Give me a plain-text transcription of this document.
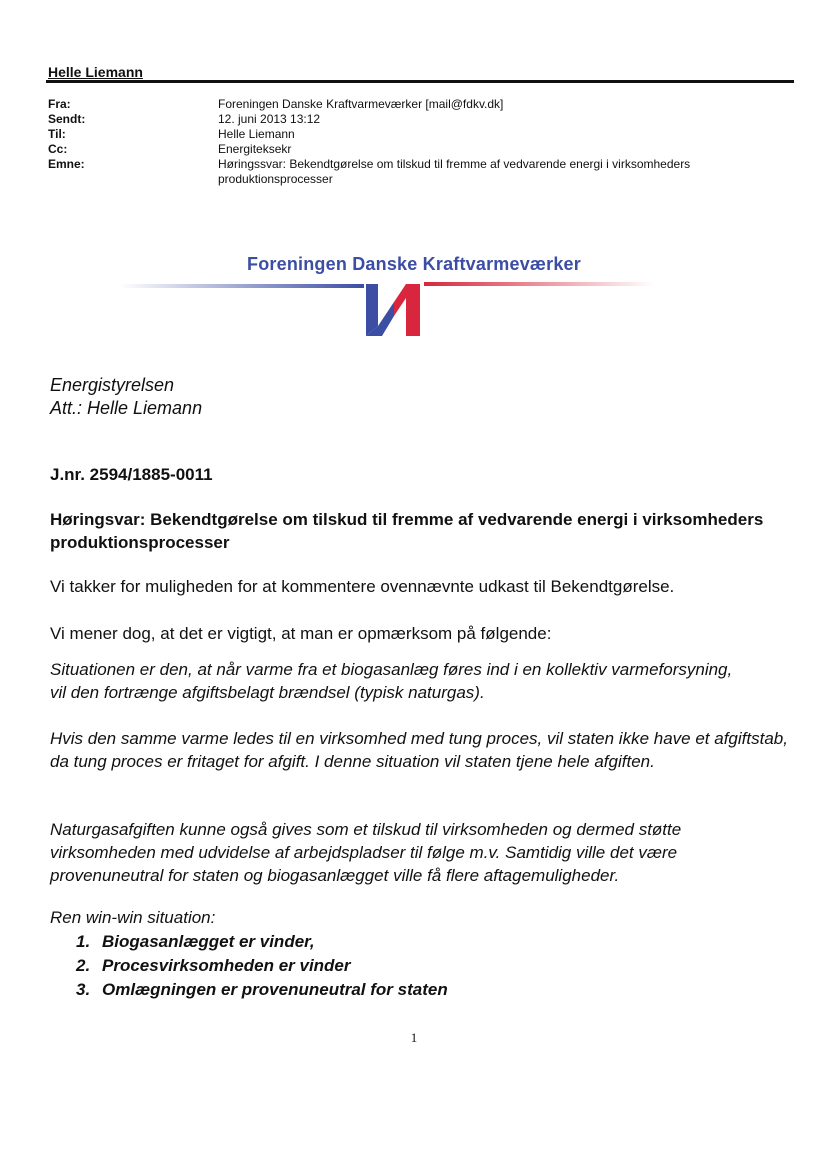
Helle Liemann
Fra:	Foreningen Danske Kraftvarmeværker [mail@fdkv.dk]
Sendt:	12. juni 2013 13:12
Til:	Helle Liemann
Cc:	Energiteksekr
Emne:	Høringssvar: Bekendtgørelse om tilskud til fremme af vedvarende energi i virksomheders produktionsprocesser
Foreningen Danske Kraftvarmeværker
Energistyrelsen
Att.: Helle Liemann
J.nr. 2594/1885-0011
Høringsvar: Bekendtgørelse om tilskud til fremme af vedvarende energi i virksomheders produktionsprocesser
Vi takker for muligheden for at kommentere ovennævnte udkast til Bekendtgørelse.
Vi mener dog, at det er vigtigt, at man er opmærksom på følgende:
Situationen er den, at når varme fra et biogasanlæg føres ind i en kollektiv varmeforsyning, vil den fortrænge afgiftsbelagt brændsel (typisk naturgas).
Hvis den samme varme ledes til en virksomhed med tung proces, vil staten ikke have et afgiftstab, da tung proces er fritaget for afgift. I denne situation vil staten tjene hele afgiften.
Naturgasafgiften kunne også gives som et tilskud til virksomheden og dermed støtte virksomheden med udvidelse af arbejdspladser til følge m.v. Samtidig ville det være provenuneutral for staten og biogasanlægget ville få flere aftagemuligheder.
Ren win-win situation:
1. Biogasanlægget er vinder,
2. Procesvirksomheden er vinder
3. Omlægningen er provenuneutral for staten
1
